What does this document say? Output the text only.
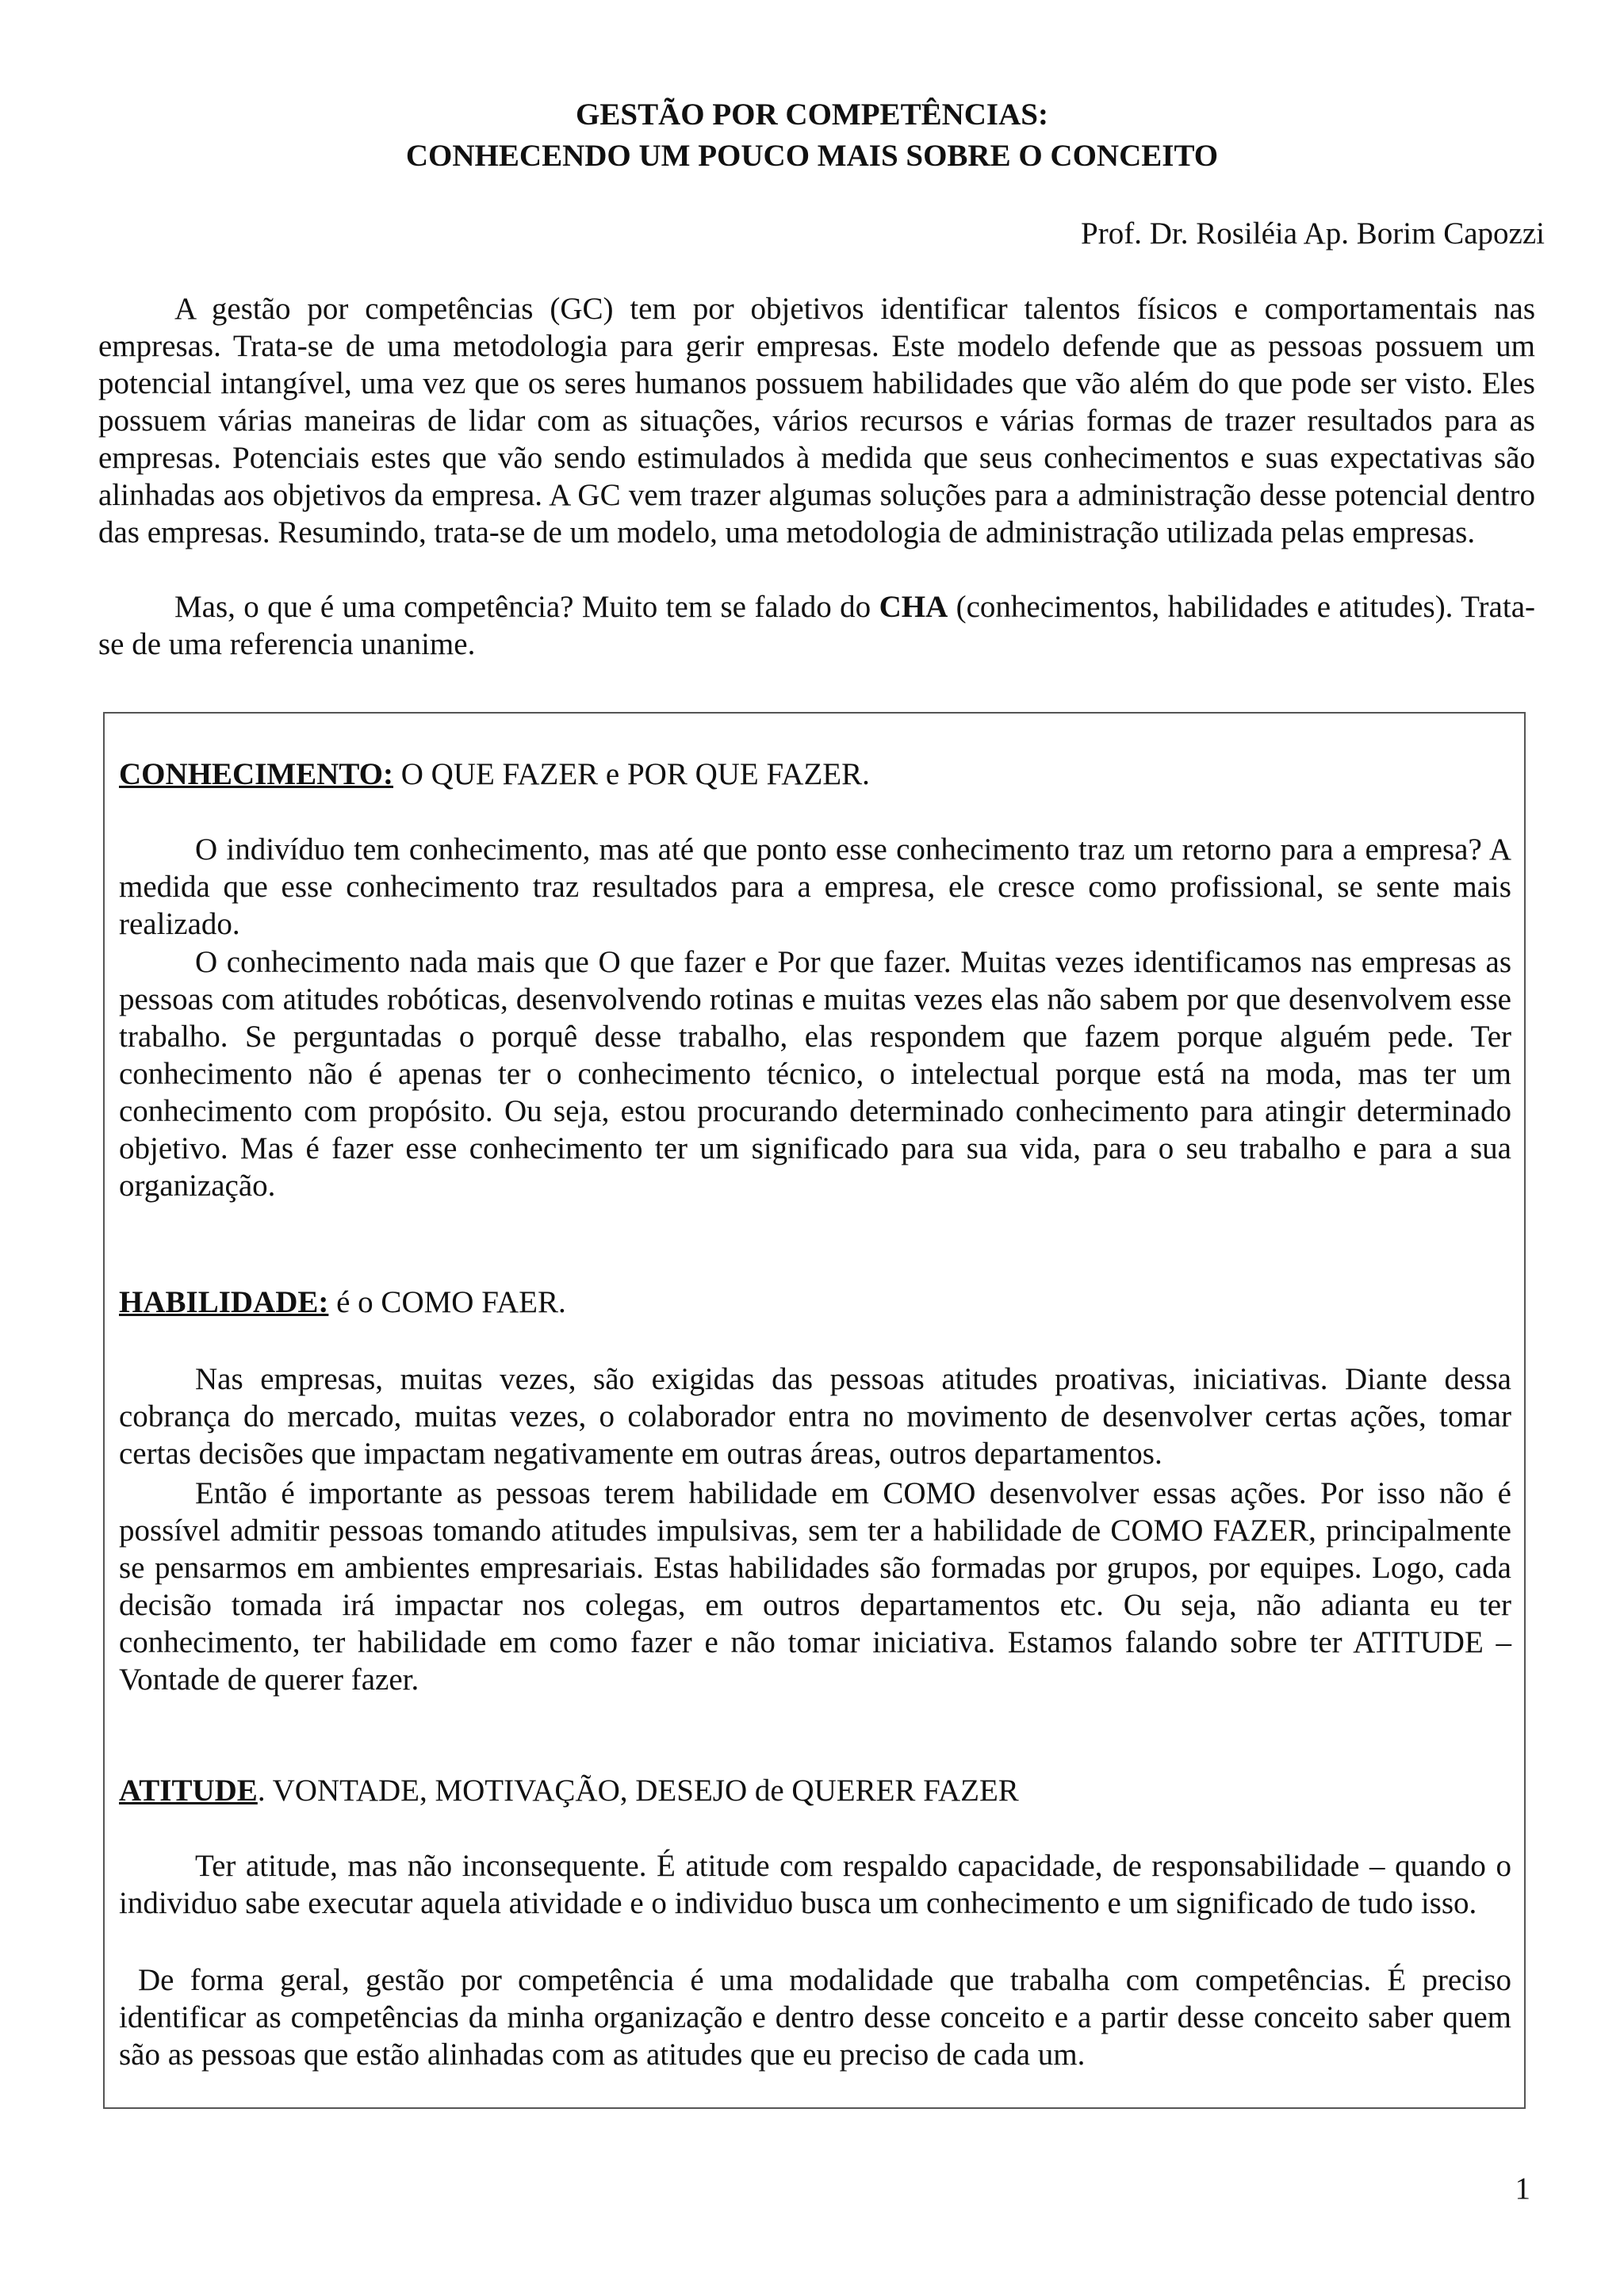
GESTÃO POR COMPETÊNCIAS:
CONHECENDO UM POUCO MAIS SOBRE O CONCEITO

Prof. Dr. Rosiléia Ap. Borim Capozzi

A gestão por competências (GC) tem por objetivos identificar talentos físicos e comportamentais nas empresas. Trata-se de uma metodologia para gerir empresas. Este modelo defende que as pessoas possuem um potencial intangível, uma vez que os seres humanos possuem habilidades que vão além do que pode ser visto. Eles possuem várias maneiras de lidar com as situações, vários recursos e várias formas de trazer resultados para as empresas. Potenciais estes que vão sendo estimulados à medida que seus conhecimentos e suas expectativas são alinhadas aos objetivos da empresa. A GC vem trazer algumas soluções para a administração desse potencial dentro das empresas. Resumindo, trata-se de um modelo, uma metodologia de administração utilizada pelas empresas.

Mas, o que é uma competência? Muito tem se falado do CHA (conhecimentos, habilidades e atitudes). Trata-se de uma referencia unanime.

CONHECIMENTO: O QUE FAZER e POR QUE FAZER.

O indivíduo tem conhecimento, mas até que ponto esse conhecimento traz um retorno para a empresa? A medida que esse conhecimento traz resultados para a empresa, ele cresce como profissional, se sente mais realizado.

O conhecimento nada mais que O que fazer e Por que fazer. Muitas vezes identificamos nas empresas as pessoas com atitudes robóticas, desenvolvendo rotinas e muitas vezes elas não sabem por que desenvolvem esse trabalho. Se perguntadas o porquê desse trabalho, elas respondem que fazem porque alguém pede. Ter conhecimento não é apenas ter o conhecimento técnico, o intelectual porque está na moda, mas ter um conhecimento com propósito. Ou seja, estou procurando determinado conhecimento para atingir determinado objetivo. Mas é fazer esse conhecimento ter um significado para sua vida, para o seu trabalho e para a sua organização.

HABILIDADE: é o COMO FAER.

Nas empresas, muitas vezes, são exigidas das pessoas atitudes proativas, iniciativas. Diante dessa cobrança do mercado, muitas vezes, o colaborador entra no movimento de desenvolver certas ações, tomar certas decisões que impactam negativamente em outras áreas, outros departamentos.

Então é importante as pessoas terem habilidade em COMO desenvolver essas ações. Por isso não é possível admitir pessoas tomando atitudes impulsivas, sem ter a habilidade de COMO FAZER, principalmente se pensarmos em ambientes empresariais. Estas habilidades são formadas por grupos, por equipes. Logo, cada decisão tomada irá impactar nos colegas, em outros departamentos etc. Ou seja, não adianta eu ter conhecimento, ter habilidade em como fazer e não tomar iniciativa. Estamos falando sobre ter ATITUDE – Vontade de querer fazer.

ATITUDE. VONTADE, MOTIVAÇÃO, DESEJO de QUERER FAZER

Ter atitude, mas não inconsequente. É atitude com respaldo capacidade, de responsabilidade – quando o individuo sabe executar aquela atividade e o individuo busca um conhecimento e um significado de tudo isso.

De forma geral, gestão por competência é uma modalidade que trabalha com competências. É preciso identificar as competências da minha organização e dentro desse conceito e a partir desse conceito saber quem são as pessoas que estão alinhadas com as atitudes que eu preciso de cada um.

1
